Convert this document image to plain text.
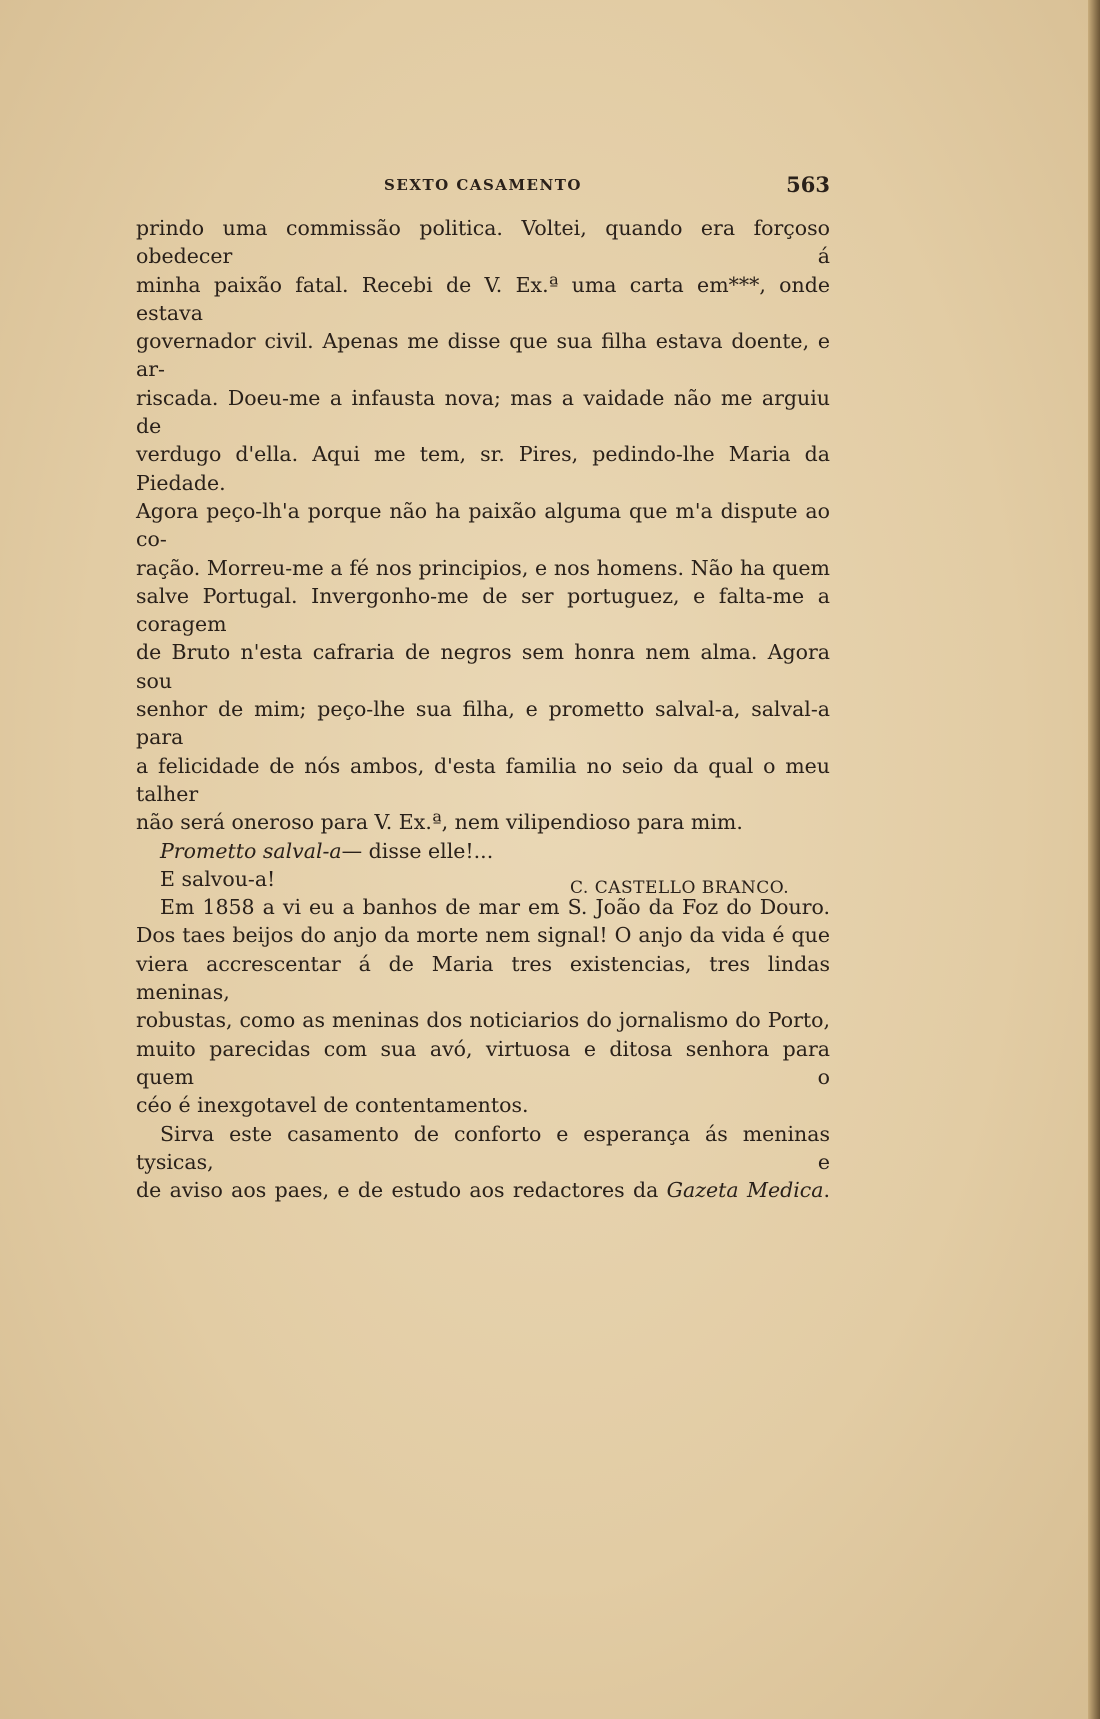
SEXTO CASAMENTO	563

prindo uma commissão politica. Voltei, quando era forçoso obedecer á

minha paixão fatal. Recebi de V. Ex.ª uma carta em***, onde estava

governador civil. Apenas me disse que sua filha estava doente, e ar-

riscada. Doeu-me a infausta nova; mas a vaidade não me arguiu de

verdugo d'ella. Aqui me tem, sr. Pires, pedindo-lhe Maria da Piedade.

Agora peço-lh'a porque não ha paixão alguma que m'a dispute ao co-

ração. Morreu-me a fé nos principios, e nos homens. Não ha quem

salve Portugal. Invergonho-me de ser portuguez, e falta-me a coragem

de Bruto n'esta cafraria de negros sem honra nem alma. Agora sou

senhor de mim; peço-lhe sua filha, e prometto salval-a, salval-a para

a felicidade de nós ambos, d'esta familia no seio da qual o meu talher

não será oneroso para V. Ex.ª, nem vilipendioso para mim.

Prometto salval-a— disse elle!...

E salvou-a!

Em 1858 a vi eu a banhos de mar em S. João da Foz do Douro.

Dos taes beijos do anjo da morte nem signal! O anjo da vida é que

viera accrescentar á de Maria tres existencias, tres lindas meninas,

robustas, como as meninas dos noticiarios do jornalismo do Porto,

muito parecidas com sua avó, virtuosa e ditosa senhora para quem o

céo é inexgotavel de contentamentos.

Sirva este casamento de conforto e esperança ás meninas tysicas, e

de aviso aos paes, e de estudo aos redactores da Gazeta Medica.

C. CASTELLO BRANCO.
